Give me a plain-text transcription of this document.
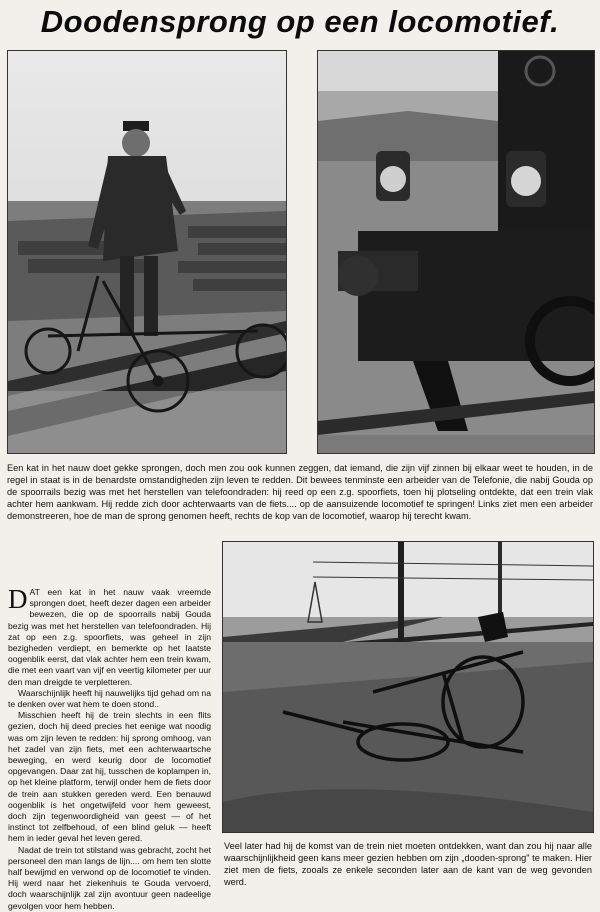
Doodensprong op een locomotief.
Een kat in het nauw doet gekke sprongen, doch men zou ook kunnen zeggen, dat iemand, die zijn vijf zinnen bij elkaar weet te houden, in de regel in staat is in de benardste omstandigheden zijn leven te redden. Dit bewees tenminste een arbeider van de Telefonie, die nabij Gouda op de spoorrails bezig was met het herstellen van telefoondraden: hij reed op een z.g. spoorfiets, toen hij plotseling ontdekte, dat een trein vlak achter hem aankwam. Hij redde zich door achterwaarts van de fiets.... op de aansuizende locomotief te springen! Links ziet men een arbeider demonstreeren, hoe de man de sprong genomen heeft, rechts de kop van de locomotief, waarop hij terecht kwam.

DAT een kat in het nauw vaak vreemde sprongen doet, heeft dezer dagen een arbeider bewezen, die op de spoorrails nabij Gouda bezig was met het herstellen van telefoondraden. Hij zat op een z.g. spoorfiets, was geheel in zijn bezigheden verdiept, en bemerkte op het laatste oogenblik eerst, dat vlak achter hem een trein kwam, die met een vaart van vijf en veertig kilometer per uur den man dreigde te verpletteren.

Waarschijnlijk heeft hij nauwelijks tijd gehad om na te denken over wat hem te doen stond..

Misschien heeft hij de trein slechts in een flits gezien, doch hij deed precies het eenige wat noodig was om zijn leven te redden: hij sprong omhoog, van het zadel van zijn fiets, met een achterwaartsche beweging, en werd keurig door de locomotief opgevangen. Daar zat hij, tusschen de koplampen in, op het kleine platform, terwijl onder hem de fiets door de trein aan stukken gereden werd. Een benauwd oogenblik is het ongetwijfeld voor hem geweest, doch zijn tegenwoordigheid van geest — of het instinct tot zelfbehoud, of een blind geluk — heeft hem in ieder geval het leven gered.

Nadat de trein tot stilstand was gebracht, zocht het personeel den man langs de lijn.... om hem ten slotte half bewijmd en verwond op de locomotief te vinden. Hij werd naar het ziekenhuis te Gouda vervoerd, doch waarschijnlijk zal zijn avontuur geen nadeelige gevolgen voor hem hebben.

Veel later had hij de komst van de trein niet moeten ontdekken, want dan zou hij naar alle waarschijnlijkheid geen kans meer gezien hebben om zijn „dooden-sprong" te maken. Hier ziet men de fiets, zooals ze enkele seconden later aan de kant van de weg gevonden werd.
